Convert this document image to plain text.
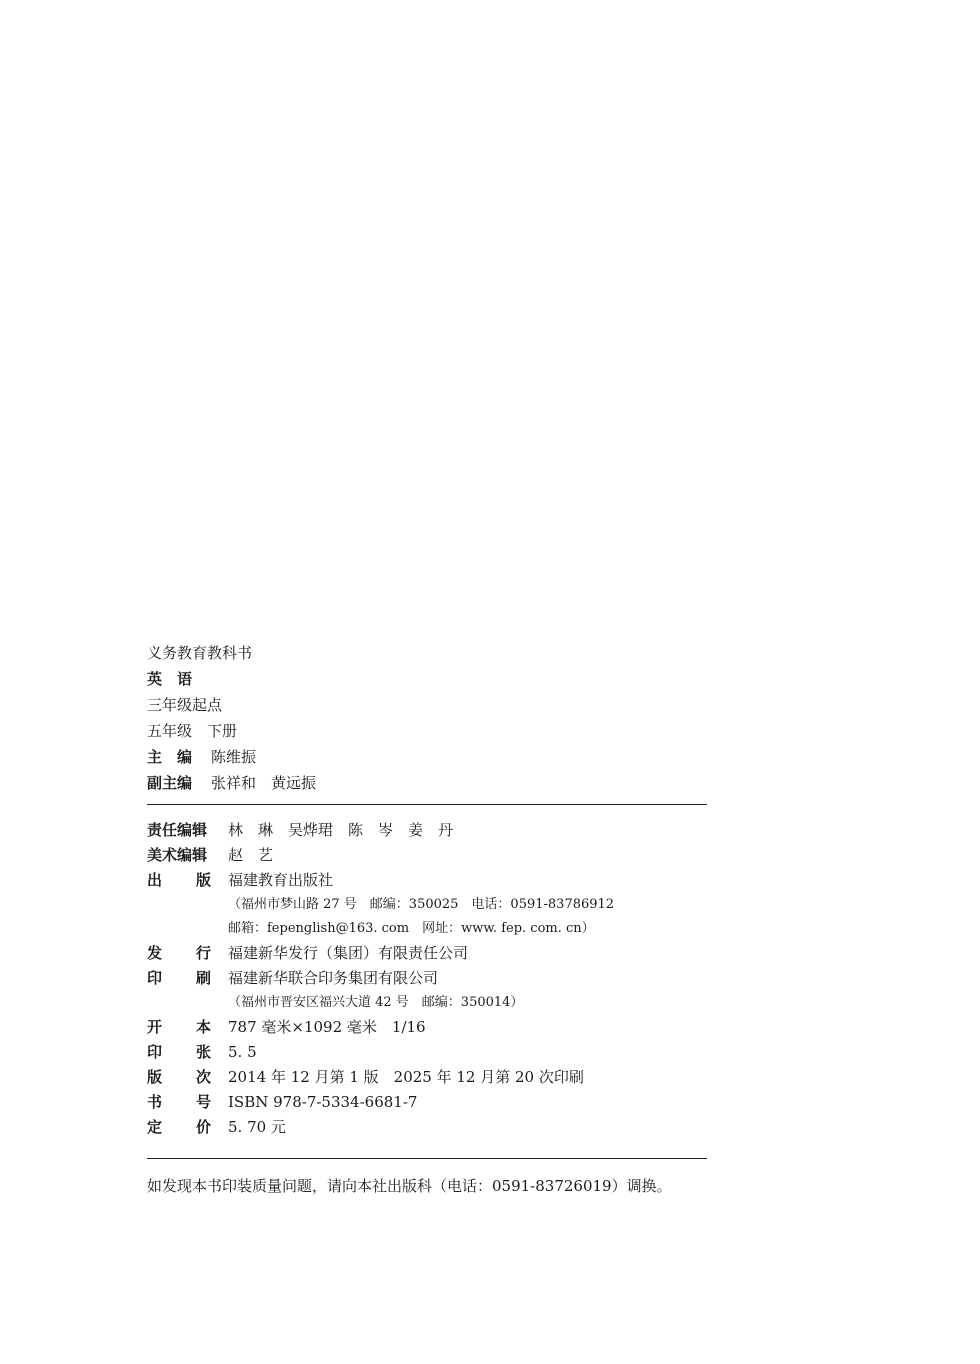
义务教育教科书
英　语
三年级起点
五年级　下册
主　编 陈维振
副主编 张祥和　黄远振
责任编辑	林　琳　吴烨珺　陈　岑　姜　丹
美术编辑	赵　艺
出 版 福建教育出版社
（福州市梦山路 27 号　邮编：350025　电话：0591-83786912
邮箱：fepenglish@163. com　网址：www. fep. com. cn）
发 行 福建新华发行（集团）有限责任公司
印 刷 福建新华联合印务集团有限公司
（福州市晋安区福兴大道 42 号　邮编：350014）
开 本 787 毫米×1092 毫米　1/16
印 张 5. 5
版 次 2014 年 12 月第 1 版　2025 年 12 月第 20 次印刷
书 号 ISBN 978-7-5334-6681-7
定 价 5. 70 元
如发现本书印装质量问题，请向本社出版科（电话：0591-83726019）调换。
